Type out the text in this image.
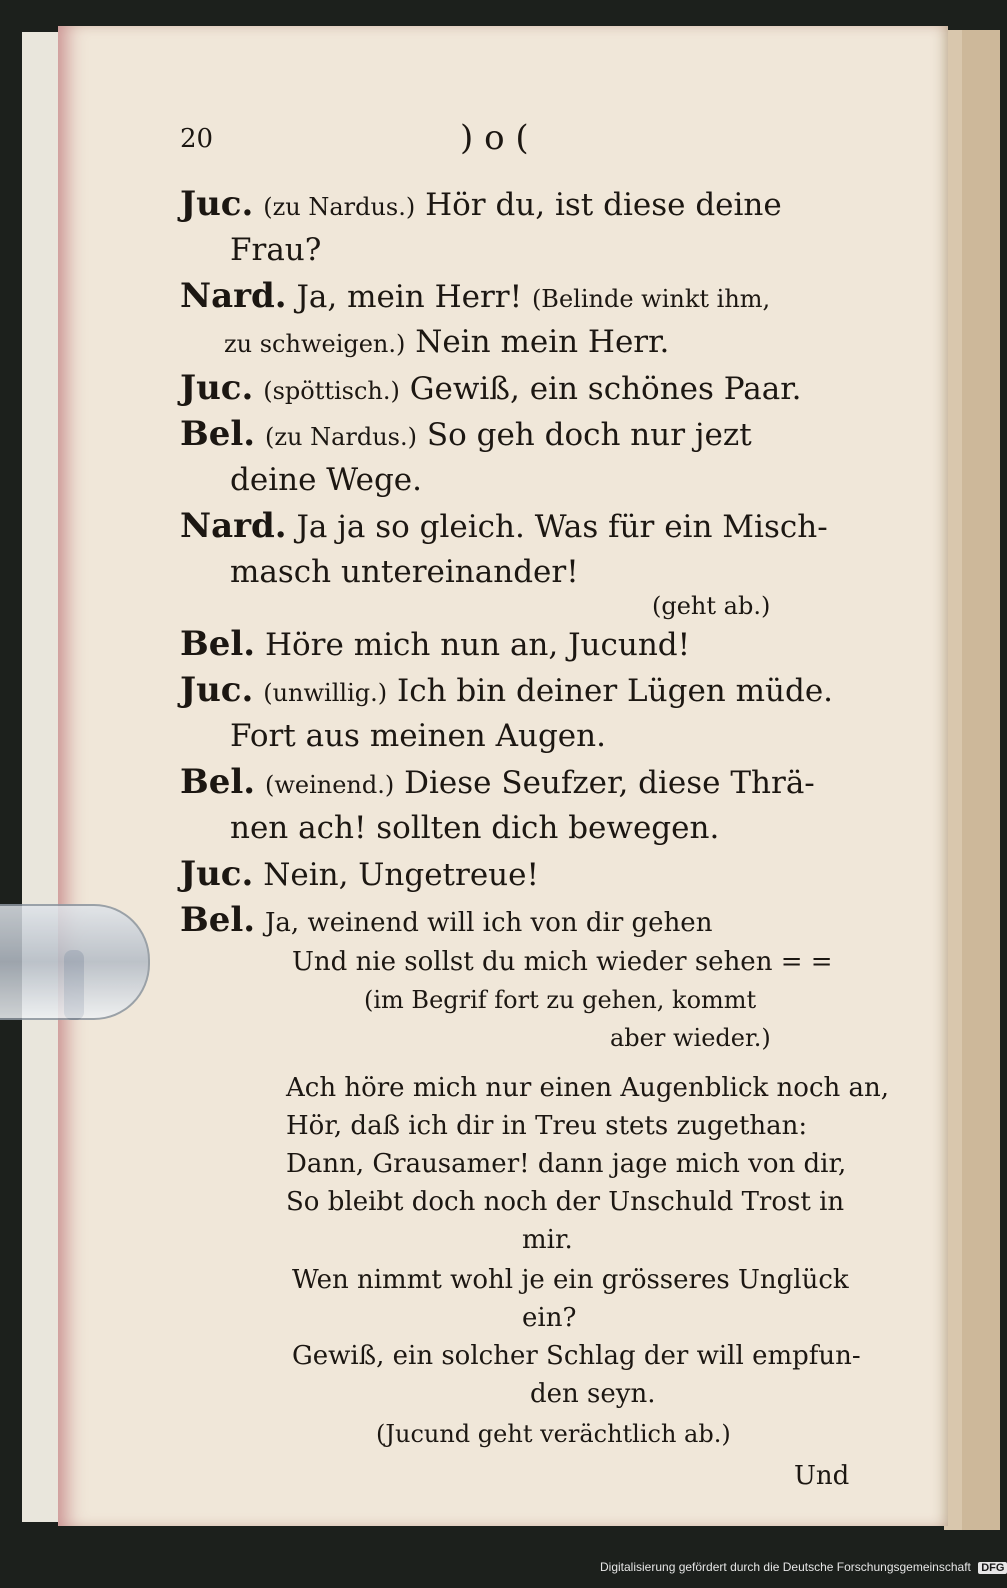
20	) o (
Juc. (zu Nardus.) Hör du, ist diese deine
Frau?
Nard. Ja, mein Herr! (Belinde winkt ihm,
zu schweigen.) Nein mein Herr.
Juc. (spöttisch.) Gewiß, ein schönes Paar.
Bel. (zu Nardus.) So geh doch nur jezt
deine Wege.
Nard. Ja ja so gleich. Was für ein Misch-
masch untereinander!
(geht ab.)
Bel. Höre mich nun an, Jucund!
Juc. (unwillig.) Ich bin deiner Lügen müde.
Fort aus meinen Augen.
Bel. (weinend.) Diese Seufzer, diese Thrä-
nen ach! sollten dich bewegen.
Juc. Nein, Ungetreue!
Bel. Ja, weinend will ich von dir gehen
Und nie sollst du mich wieder sehen = =
(im Begrif fort zu gehen, kommt
aber wieder.)
Ach höre mich nur einen Augenblick noch an,
Hör, daß ich dir in Treu stets zugethan:
Dann, Grausamer! dann jage mich von dir,
So bleibt doch noch der Unschuld Trost in
mir.
Wen nimmt wohl je ein grösseres Unglück
ein?
Gewiß, ein solcher Schlag der will empfun-
den seyn.
(Jucund geht verächtlich ab.)
Und
Digitalisierung gefördert durch die Deutsche Forschungsgemeinschaft DFG
